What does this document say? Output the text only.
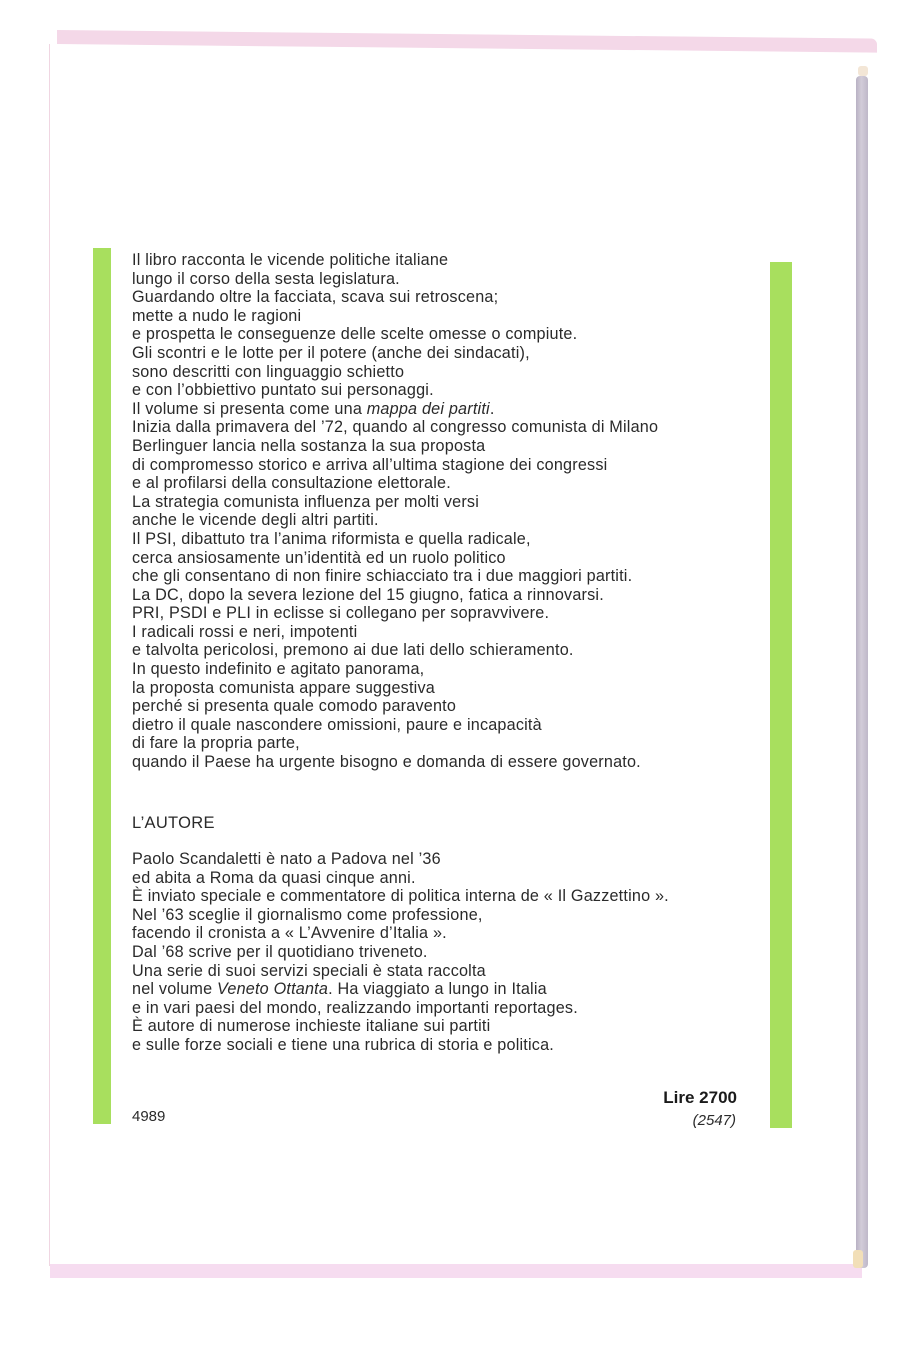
Il libro racconta le vicende politiche italiane
lungo il corso della sesta legislatura.
Guardando oltre la facciata, scava sui retroscena;
mette a nudo le ragioni
e prospetta le conseguenze delle scelte omesse o compiute.
Gli scontri e le lotte per il potere (anche dei sindacati),
sono descritti con linguaggio schietto
e con l’obbiettivo puntato sui personaggi.
Il volume si presenta come una mappa dei partiti.
Inizia dalla primavera del ’72, quando al congresso comunista di Milano
Berlinguer lancia nella sostanza la sua proposta
di compromesso storico e arriva all’ultima stagione dei congressi
e al profilarsi della consultazione elettorale.
La strategia comunista influenza per molti versi
anche le vicende degli altri partiti.
Il PSI, dibattuto tra l’anima riformista e quella radicale,
cerca ansiosamente un’identità ed un ruolo politico
che gli consentano di non finire schiacciato tra i due maggiori partiti.
La DC, dopo la severa lezione del 15 giugno, fatica a rinnovarsi.
PRI, PSDI e PLI in eclisse si collegano per sopravvivere.
I radicali rossi e neri, impotenti
e talvolta pericolosi, premono ai due lati dello schieramento.
In questo indefinito e agitato panorama,
la proposta comunista appare suggestiva
perché si presenta quale comodo paravento
dietro il quale nascondere omissioni, paure e incapacità
di fare la propria parte,
quando il Paese ha urgente bisogno e domanda di essere governato.
L’AUTORE
Paolo Scandaletti è nato a Padova nel ’36
ed abita a Roma da quasi cinque anni.
È inviato speciale e commentatore di politica interna de « Il Gazzettino ».
Nel ’63 sceglie il giornalismo come professione,
facendo il cronista a « L’Avvenire d’Italia ».
Dal ’68 scrive per il quotidiano triveneto.
Una serie di suoi servizi speciali è stata raccolta
nel volume Veneto Ottanta. Ha viaggiato a lungo in Italia
e in vari paesi del mondo, realizzando importanti reportages.
È autore di numerose inchieste italiane sui partiti
e sulle forze sociali e tiene una rubrica di storia e politica.
4989
Lire 2700
(2547)
